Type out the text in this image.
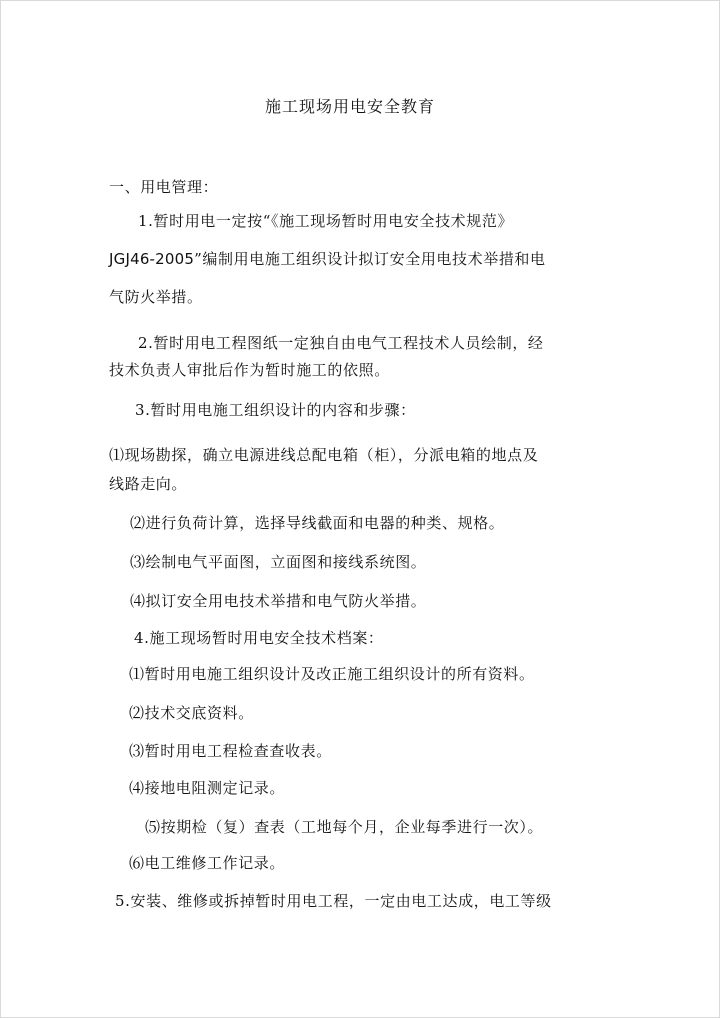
施工现场用电安全教育

一、用电管理：

1.暂时用电一定按“《施工现场暂时用电安全技术规范》

JGJ46-2005”编制用电施工组织设计拟订安全用电技术举措和电

气防火举措。

2.暂时用电工程图纸一定独自由电气工程技术人员绘制，经

技术负责人审批后作为暂时施工的依照。

3.暂时用电施工组织设计的内容和步骤：

⑴现场勘探，确立电源进线总配电箱（柜），分派电箱的地点及

线路走向。

⑵进行负荷计算，选择导线截面和电器的种类、规格。

⑶绘制电气平面图，立面图和接线系统图。

⑷拟订安全用电技术举措和电气防火举措。

4.施工现场暂时用电安全技术档案：

⑴暂时用电施工组织设计及改正施工组织设计的所有资料。

⑵技术交底资料。

⑶暂时用电工程检查查收表。

⑷接地电阻测定记录。

⑸按期检（复）查表（工地每个月，企业每季进行一次）。

⑹电工维修工作记录。

5.安装、维修或拆掉暂时用电工程，一定由电工达成，电工等级
